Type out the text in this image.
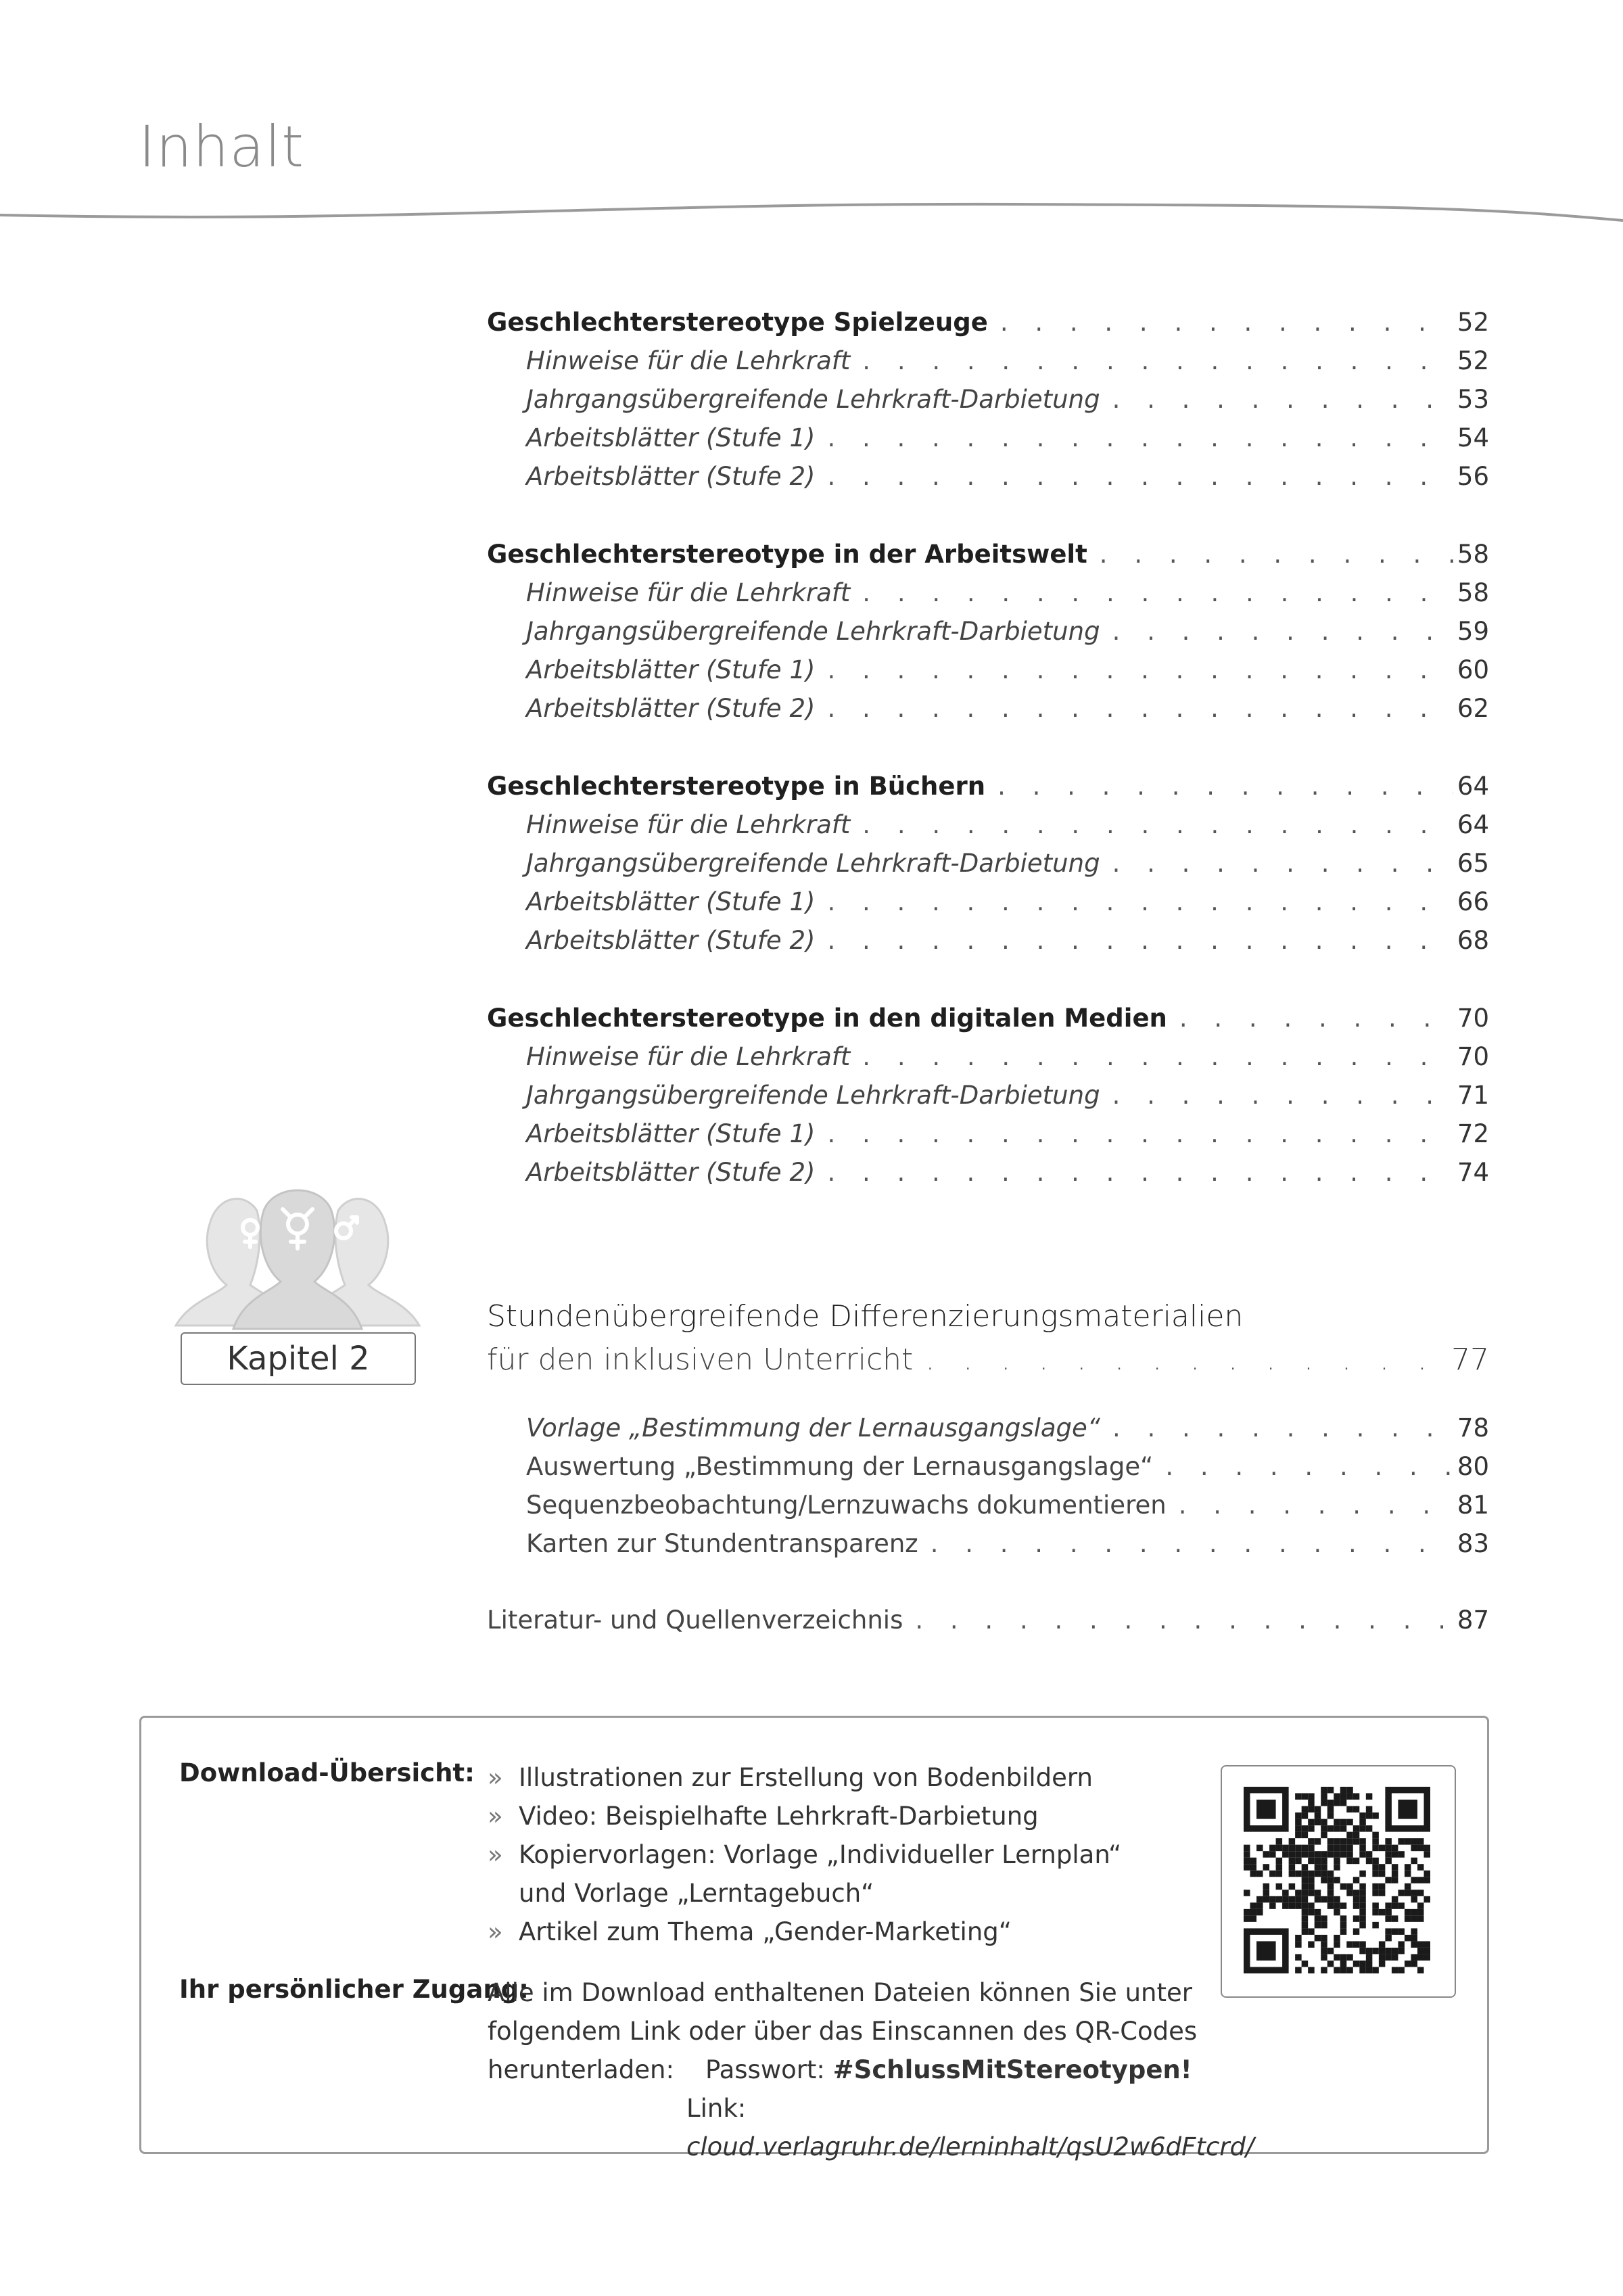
Inhalt
Geschlechterstereotype Spielzeuge . . .	52
Hinweise für die Lehrkraft . . .	52
Jahrgangsübergreifende Lehrkraft-Darbietung . . .	53
Arbeitsblätter (Stufe 1) . . .	54
Arbeitsblätter (Stufe 2) . . .	56
Geschlechterstereotype in der Arbeitswelt . . .	58
Hinweise für die Lehrkraft . . .	58
Jahrgangsübergreifende Lehrkraft-Darbietung . . .	59
Arbeitsblätter (Stufe 1) . . .	60
Arbeitsblätter (Stufe 2) . . .	62
Geschlechterstereotype in Büchern . . .	64
Hinweise für die Lehrkraft . . .	64
Jahrgangsübergreifende Lehrkraft-Darbietung . . .	65
Arbeitsblätter (Stufe 1) . . .	66
Arbeitsblätter (Stufe 2) . . .	68
Geschlechterstereotype in den digitalen Medien . . .	70
Hinweise für die Lehrkraft . . .	70
Jahrgangsübergreifende Lehrkraft-Darbietung . . .	71
Arbeitsblätter (Stufe 1) . . .	72
Arbeitsblätter (Stufe 2) . . .	74
Kapitel 2
Stundenübergreifende Differenzierungsmaterialien
für den inklusiven Unterricht . . .	77
Vorlage „Bestimmung der Lernausgangslage“ . . .	78
Auswertung „Bestimmung der Lernausgangslage“ . . .	80
Sequenzbeobachtung/Lernzuwachs dokumentieren . . .	81
Karten zur Stundentransparenz . . .	83
Literatur- und Quellenverzeichnis . . .	87
Download-Übersicht: » Illustrationen zur Erstellung von Bodenbildern
» Video: Beispielhafte Lehrkraft-Darbietung
» Kopiervorlagen: Vorlage „Individueller Lernplan“
und Vorlage „Lerntagebuch“
» Artikel zum Thema „Gender-Marketing“
Ihr persönlicher Zugang:
Alle im Download enthaltenen Dateien können Sie unter
folgendem Link oder über das Einscannen des QR-Codes
herunterladen: Passwort: #SchlussMitStereotypen!
Link: cloud.verlagruhr.de/lerninhalt/qsU2w6dFtcrd/
